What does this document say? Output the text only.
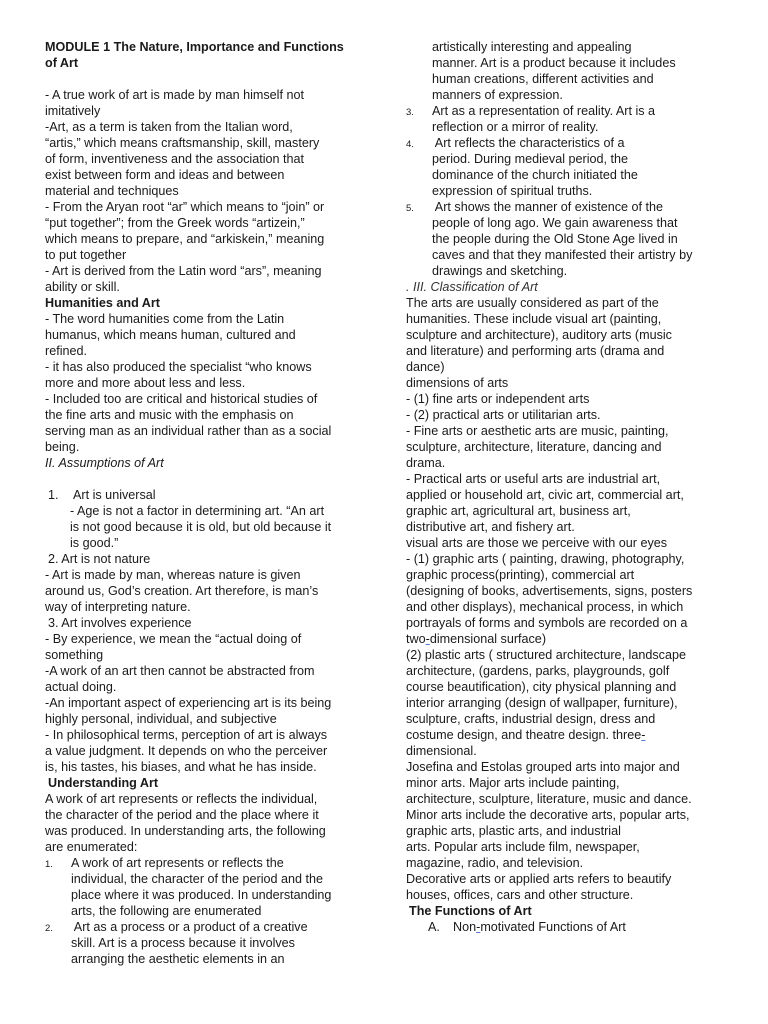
MODULE 1 The Nature, Importance and Functions
of Art
- A true work of art is made by man himself not
imitatively
-Art, as a term is taken from the Italian word,
“artis,” which means craftsmanship, skill, mastery
of form, inventiveness and the association that
exist between form and ideas and between
material and techniques
- From the Aryan root “ar” which means to “join” or
“put together”; from the Greek words “artizein,”
which means to prepare, and “arkiskein,” meaning
to put together
- Art is derived from the Latin word “ars”, meaning
ability or skill.
Humanities and Art
- The word humanities come from the Latin
humanus, which means human, cultured and
refined.
- it has also produced the specialist “who knows
more and more about less and less.
- Included too are critical and historical studies of
the fine arts and music with the emphasis on
serving man as an individual rather than as a social
being.
II. Assumptions of Art
1. Art is universal
- Age is not a factor in determining art. “An art
is not good because it is old, but old because it
is good.”
2. Art is not nature
- Art is made by man, whereas nature is given
around us, God’s creation. Art therefore, is man’s
way of interpreting nature.
3. Art involves experience
- By experience, we mean the “actual doing of
something
-A work of an art then cannot be abstracted from
actual doing.
-An important aspect of experiencing art is its being
highly personal, individual, and subjective
- In philosophical terms, perception of art is always
a value judgment. It depends on who the perceiver
is, his tastes, his biases, and what he has inside.
Understanding Art
A work of art represents or reflects the individual,
the character of the period and the place where it
was produced. In understanding arts, the following
are enumerated:
1. A work of art represents or reflects the
individual, the character of the period and the
place where it was produced. In understanding
arts, the following are enumerated
2. Art as a process or a product of a creative
skill. Art is a process because it involves
arranging the aesthetic elements in an
artistically interesting and appealing
manner. Art is a product because it includes
human creations, different activities and
manners of expression.
3. Art as a representation of reality. Art is a
reflection or a mirror of reality.
4. Art reflects the characteristics of a
period. During medieval period, the
dominance of the church initiated the
expression of spiritual truths.
5. Art shows the manner of existence of the
people of long ago. We gain awareness that
the people during the Old Stone Age lived in
caves and that they manifested their artistry by
drawings and sketching.
. III. Classification of Art
The arts are usually considered as part of the
humanities. These include visual art (painting,
sculpture and architecture), auditory arts (music
and literature) and performing arts (drama and
dance)
dimensions of arts
- (1) fine arts or independent arts
- (2) practical arts or utilitarian arts.
- Fine arts or aesthetic arts are music, painting,
sculpture, architecture, literature, dancing and
drama.
- Practical arts or useful arts are industrial art,
applied or household art, civic art, commercial art,
graphic art, agricultural art, business art,
distributive art, and fishery art.
visual arts are those we perceive with our eyes
- (1) graphic arts ( painting, drawing, photography,
graphic process(printing), commercial art
(designing of books, advertisements, signs, posters
and other displays), mechanical process, in which
portrayals of forms and symbols are recorded on a
two-dimensional surface)
(2) plastic arts ( structured architecture, landscape
architecture, (gardens, parks, playgrounds, golf
course beautification), city physical planning and
interior arranging (design of wallpaper, furniture),
sculpture, crafts, industrial design, dress and
costume design, and theatre design. three-
dimensional.
Josefina and Estolas grouped arts into major and
minor arts. Major arts include painting,
architecture, sculpture, literature, music and dance.
Minor arts include the decorative arts, popular arts,
graphic arts, plastic arts, and industrial
arts. Popular arts include film, newspaper,
magazine, radio, and television.
Decorative arts or applied arts refers to beautify
houses, offices, cars and other structure.
The Functions of Art
A. Non-motivated Functions of Art
